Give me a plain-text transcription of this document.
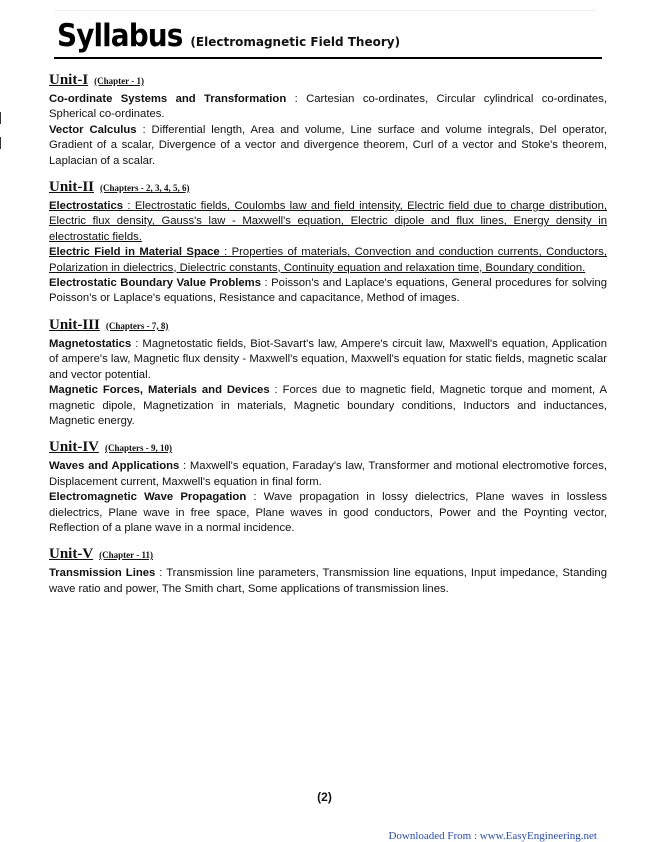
Syllabus (Electromagnetic Field Theory)
Unit-I (Chapter - 1)

Co-ordinate Systems and Transformation : Cartesian co-ordinates, Circular cylindrical co-ordinates, Spherical co-ordinates.

Vector Calculus : Differential length, Area and volume, Line surface and volume integrals, Del operator, Gradient of a scalar, Divergence of a vector and divergence theorem, Curl of a vector and Stoke's theorem, Laplacian of a scalar.

Unit-II (Chapters - 2, 3, 4, 5, 6)

Electrostatics : Electrostatic fields, Coulombs law and field intensity, Electric field due to charge distribution, Electric flux density, Gauss's law - Maxwell's equation, Electric dipole and flux lines, Energy density in electrostatic fields.

Electric Field in Material Space : Properties of materials, Convection and conduction currents, Conductors, Polarization in dielectrics, Dielectric constants, Continuity equation and relaxation time, Boundary condition.

Electrostatic Boundary Value Problems : Poisson's and Laplace's equations, General procedures for solving Poisson's or Laplace's equations, Resistance and capacitance, Method of images.

Unit-III (Chapters - 7, 8)

Magnetostatics : Magnetostatic fields, Biot-Savart's law, Ampere's circuit law, Maxwell's equation, Application of ampere's law, Magnetic flux density - Maxwell's equation, Maxwell's equation for static fields, magnetic scalar and vector potential.

Magnetic Forces, Materials and Devices : Forces due to magnetic field, Magnetic torque and moment, A magnetic dipole, Magnetization in materials, Magnetic boundary conditions, Inductors and inductances, Magnetic energy.

Unit-IV (Chapters - 9, 10)

Waves and Applications : Maxwell's equation, Faraday's law, Transformer and motional electromotive forces, Displacement current, Maxwell's equation in final form.

Electromagnetic Wave Propagation : Wave propagation in lossy dielectrics, Plane waves in lossless dielectrics, Plane wave in free space, Plane waves in good conductors, Power and the Poynting vector, Reflection of a plane wave in a normal incidence.

Unit-V (Chapter - 11)

Transmission Lines : Transmission line parameters, Transmission line equations, Input impedance, Standing wave ratio and power, The Smith chart, Some applications of transmission lines.

(2)
Downloaded From : www.EasyEngineering.net
